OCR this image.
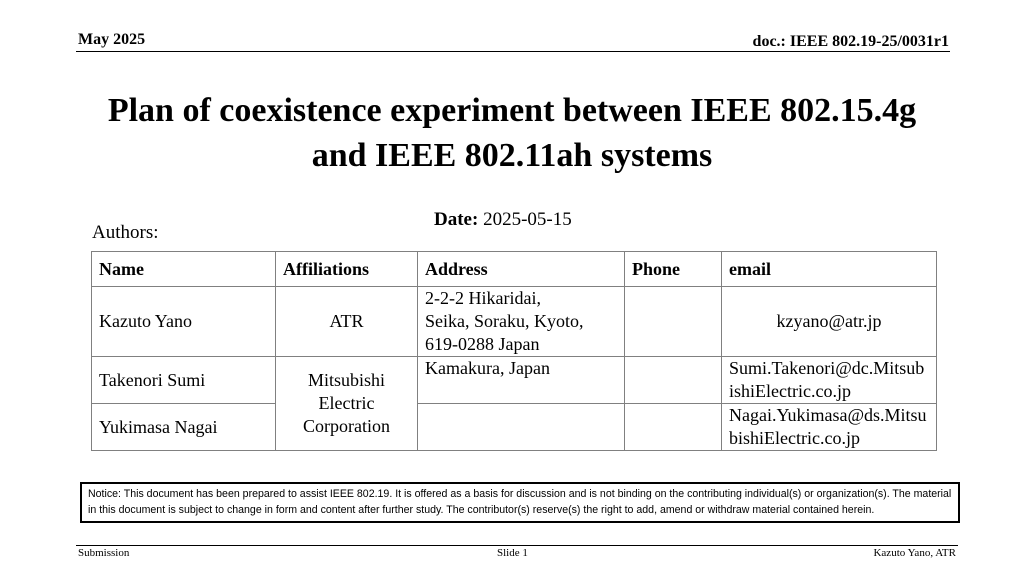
May 2025	doc.: IEEE 802.19-25/0031r1
Plan of coexistence experiment between IEEE 802.15.4g
and IEEE 802.11ah systems
Date: 2025-05-15
Authors:
Name	Affiliations	Address	Phone	email
Kazuto Yano	ATR	2-2-2 Hikaridai,
Seika, Soraku, Kyoto,
619-0288 Japan		kzyano@atr.jp
Takenori Sumi	Mitsubishi
Electric
Corporation	Kamakura, Japan		Sumi.Takenori@dc.MitsubishiElectric.co.jp
Yukimasa Nagai				Nagai.Yukimasa@ds.MitsubishiElectric.co.jp
Notice: This document has been prepared to assist IEEE 802.19. It is offered as a basis for discussion and is not binding on the contributing individual(s) or organization(s). The material in this document is subject to change in form and content after further study. The contributor(s) reserve(s) the right to add, amend or withdraw material contained herein.
Submission	Slide 1	Kazuto Yano, ATR
